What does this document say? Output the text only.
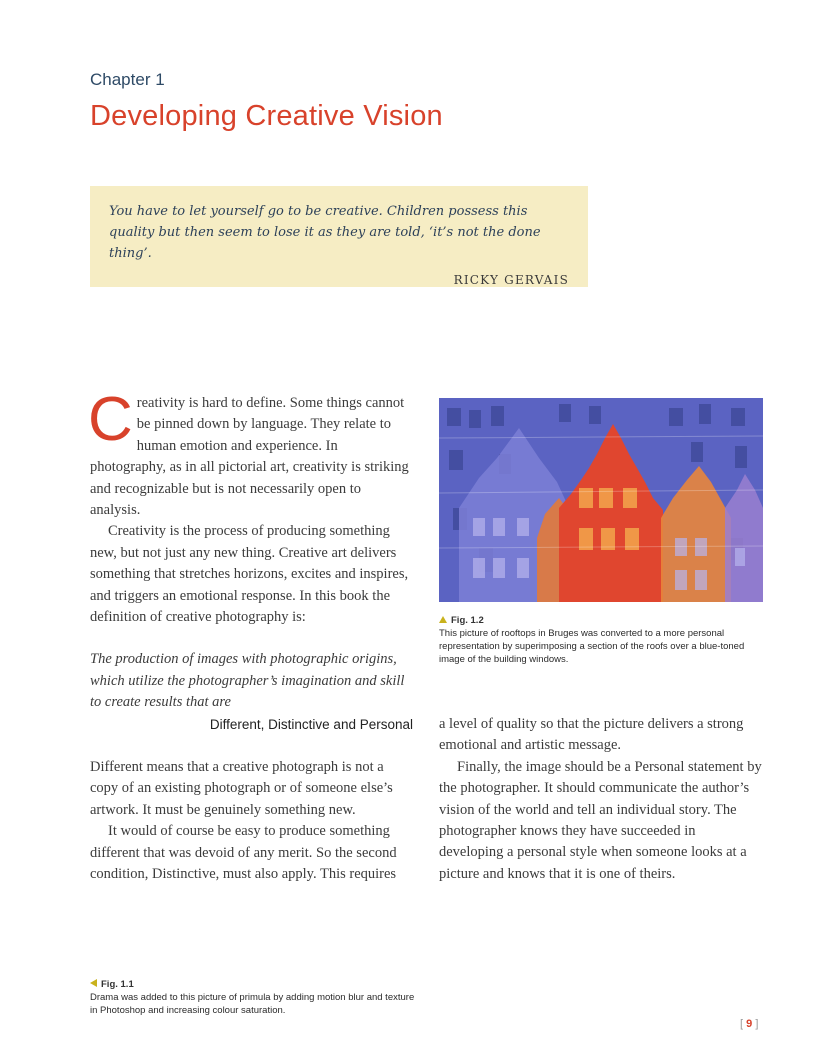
Chapter 1
Developing Creative Vision
You have to let yourself go to be creative. Children possess this quality but then seem to lose it as they are told, ‘it’s not the done thing’.
RICKY GERVAIS

Creativity is hard to define. Some things cannot be pinned down by language. They relate to human emotion and experience. In photography, as in all pictorial art, creativity is striking and recognizable but is not necessarily open to analysis.

Creativity is the process of producing something new, but not just any new thing. Creative art delivers something that stretches horizons, excites and inspires, and triggers an emotional response. In this book the definition of creative photography is:

The production of images with photographic origins, which utilize the photographer’s imagination and skill to create results that are

Different, Distinctive and Personal

Fig. 1.2
This picture of rooftops in Bruges was converted to a more personal representation by superimposing a section of the roofs over a blue-toned image of the building windows.

Different means that a creative photograph is not a copy of an existing photograph or of someone else’s artwork. It must be genuinely something new.

It would of course be easy to produce something different that was devoid of any merit. So the second condition, Distinctive, must also apply. This requires

a level of quality so that the picture delivers a strong emotional and artistic message.

Finally, the image should be a Personal statement by the photographer. It should communicate the author’s vision of the world and tell an individual story. The photographer knows they have succeeded in developing a personal style when someone looks at a picture and knows that it is one of theirs.

Fig. 1.1
Drama was added to this picture of primula by adding motion blur and texture in Photoshop and increasing colour saturation.
[ 9 ]
